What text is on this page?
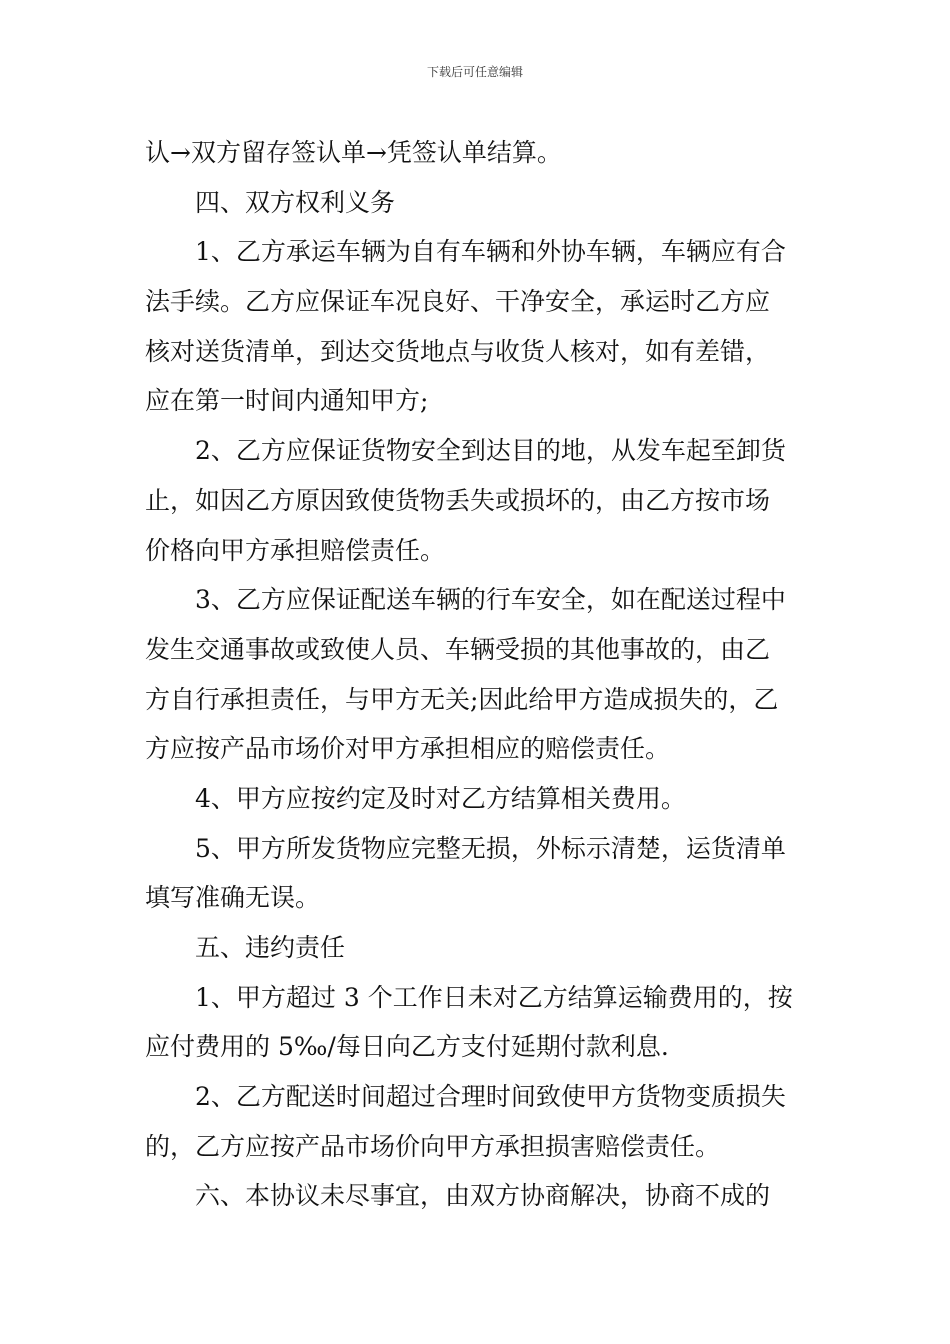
下载后可任意编辑
认→双方留存签认单→凭签认单结算。
四、双方权利义务
1、乙方承运车辆为自有车辆和外协车辆，车辆应有合
法手续。乙方应保证车况良好、干净安全，承运时乙方应
核对送货清单，到达交货地点与收货人核对，如有差错，
应在第一时间内通知甲方;
2、乙方应保证货物安全到达目的地，从发车起至卸货
止，如因乙方原因致使货物丢失或损坏的，由乙方按市场
价格向甲方承担赔偿责任。
3、乙方应保证配送车辆的行车安全，如在配送过程中
发生交通事故或致使人员、车辆受损的其他事故的，由乙
方自行承担责任，与甲方无关;因此给甲方造成损失的，乙
方应按产品市场价对甲方承担相应的赔偿责任。
4、甲方应按约定及时对乙方结算相关费用。
5、甲方所发货物应完整无损，外标示清楚，运货清单
填写准确无误。
五、违约责任
1、甲方超过 3 个工作日未对乙方结算运输费用的，按
应付费用的 5‰/每日向乙方支付延期付款利息.
2、乙方配送时间超过合理时间致使甲方货物变质损失
的，乙方应按产品市场价向甲方承担损害赔偿责任。
六、本协议未尽事宜，由双方协商解决，协商不成的
